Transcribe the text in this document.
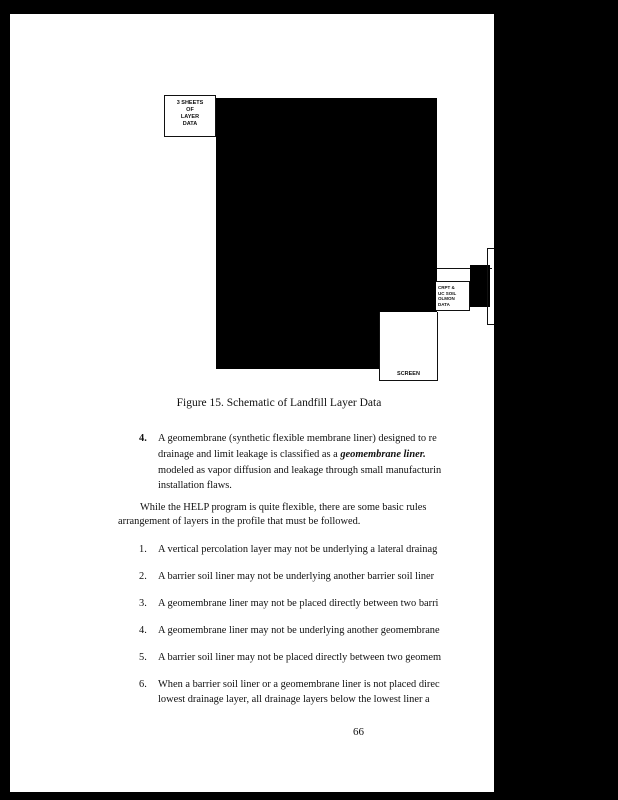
3 SHEETS
OF
LAYER
DATA
CRPT &
UC SOIL
OLMON
DATA
SCREEN
Figure 15. Schematic of Landfill Layer Data
4. A geomembrane (synthetic flexible membrane liner) designed to re
drainage and limit leakage is classified as a geomembrane liner.
modeled as vapor diffusion and leakage through small manufacturin
installation flaws.
While the HELP program is quite flexible, there are some basic rules
arrangement of layers in the profile that must be followed.
1. A vertical percolation layer may not be underlying a lateral drainag
2. A barrier soil liner may not be underlying another barrier soil liner
3. A geomembrane liner may not be placed directly between two barri
4. A geomembrane liner may not be underlying another geomembrane
5. A barrier soil liner may not be placed directly between two geomem
6. When a barrier soil liner or a geomembrane liner is not placed direc
lowest drainage layer, all drainage layers below the lowest liner a
66
